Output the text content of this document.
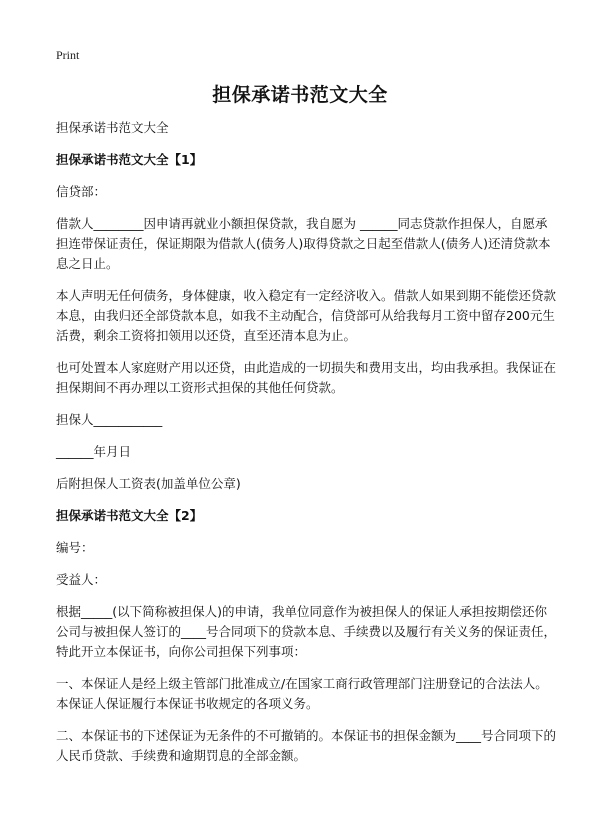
Print
担保承诺书范文大全

担保承诺书范文大全

担保承诺书范文大全【1】

信贷部：

借款人________因申请再就业小额担保贷款，我自愿为 ______同志贷款作担保人，自愿承担连带保证责任，保证期限为借款人(债务人)取得贷款之日起至借款人(债务人)还清贷款本息之日止。

本人声明无任何债务，身体健康，收入稳定有一定经济收入。借款人如果到期不能偿还贷款本息，由我归还全部贷款本息，如我不主动配合，信贷部可从给我每月工资中留存200元生活费，剩余工资将扣领用以还贷，直至还清本息为止。

也可处置本人家庭财产用以还贷，由此造成的一切损失和费用支出，均由我承担。我保证在担保期间不再办理以工资形式担保的其他任何贷款。

担保人___________

______年月日

后附担保人工资表(加盖单位公章)

担保承诺书范文大全【2】

编号：

受益人：

根据_____(以下简称被担保人)的申请，我单位同意作为被担保人的保证人承担按期偿还你公司与被担保人签订的____号合同项下的贷款本息、手续费以及履行有关义务的保证责任，特此开立本保证书，向你公司担保下列事项：

一、本保证人是经上级主管部门批准成立/在国家工商行政管理部门注册登记的合法法人。本保证人保证履行本保证书收规定的各项义务。

二、本保证书的下述保证为无条件的不可撤销的。本保证书的担保金额为____号合同项下的人民币贷款、手续费和逾期罚息的全部金额。
